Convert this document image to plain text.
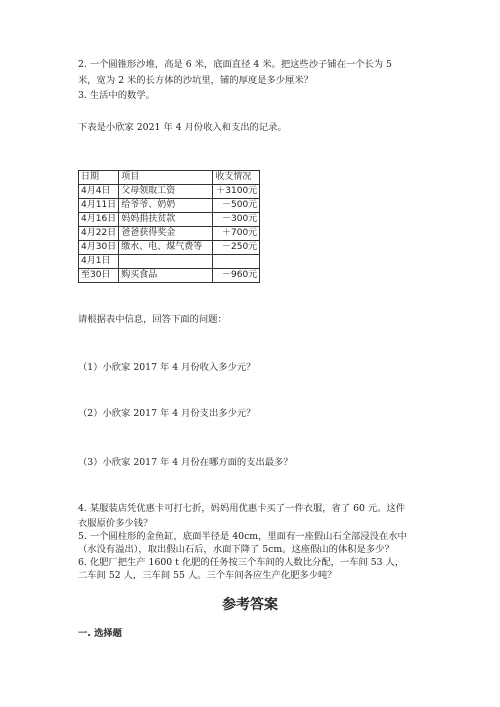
2. 一个圆锥形沙堆，高是 6 米，底面直径 4 米。把这些沙子铺在一个长为 5
米，宽为 2 米的长方体的沙坑里，铺的厚度是多少厘米？
3. 生活中的数学。
下表是小欣家 2021 年 4 月份收入和支出的记录。
日期	项目	收支情况
4月4日	父母领取工资	＋3100元
4月11日	给爷爷、奶奶	－500元
4月16日	妈妈捐扶贫款	－300元
4月22日	爸爸获得奖金	＋700元
4月30日	缴水、电、煤气费等	－250元
4月1日		
至30日	购买食品	－960元
请根据表中信息，回答下面的问题：
（1）小欣家 2017 年 4 月份收入多少元？
（2）小欣家 2017 年 4 月份支出多少元？
（3）小欣家 2017 年 4 月份在哪方面的支出最多？
4. 某服装店凭优惠卡可打七折，妈妈用优惠卡买了一件衣服，省了 60 元。这件
衣服原价多少钱？
5. 一个圆柱形的金鱼缸，底面半径是 40cm，里面有一座假山石全部浸没在水中
（水没有溢出），取出假山石后，水面下降了 5cm。这座假山的体积是多少？
6. 化肥厂把生产 1600 t 化肥的任务按三个车间的人数比分配，一车间 53 人，
二车间 52 人，三车间 55 人。三个车间各应生产化肥多少吨？
参考答案
一. 选择题
